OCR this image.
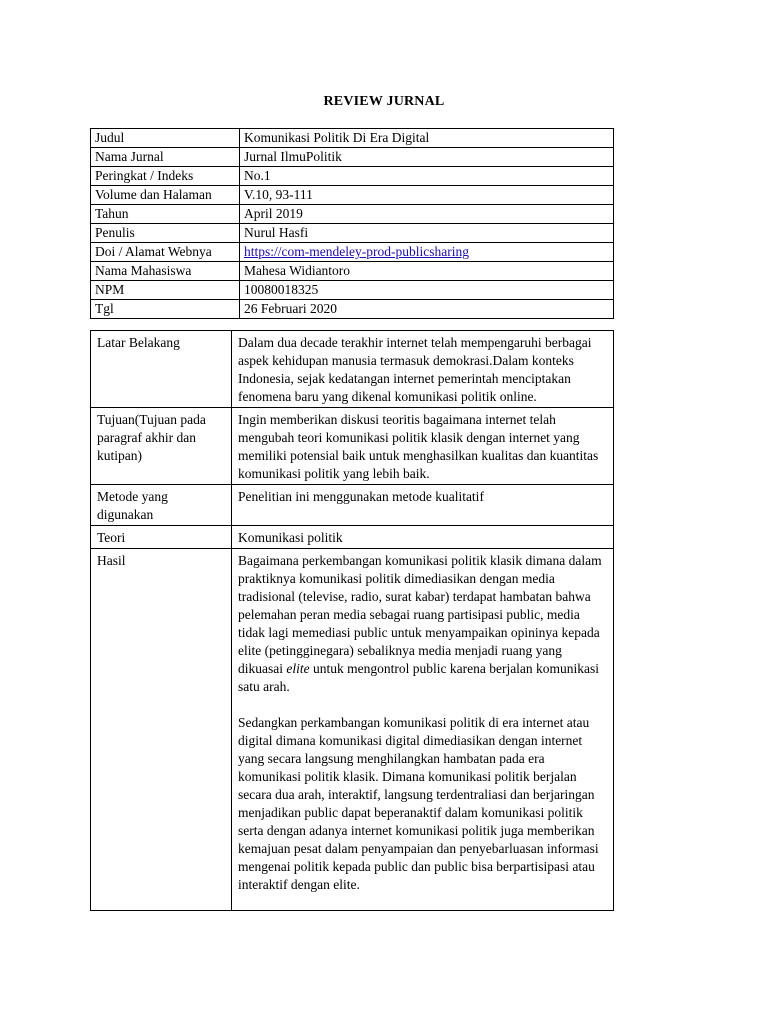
REVIEW JURNAL
Judul	Komunikasi Politik Di Era Digital
Nama Jurnal	Jurnal IlmuPolitik
Peringkat / Indeks	No.1
Volume dan Halaman	V.10, 93-111
Tahun	April 2019
Penulis	Nurul Hasfi
Doi / Alamat Webnya	https://com-mendeley-prod-publicsharing
Nama Mahasiswa	Mahesa Widiantoro
NPM	10080018325
Tgl	26 Februari 2020
Latar Belakang	Dalam dua decade terakhir internet telah mempengaruhi berbagai aspek kehidupan manusia termasuk demokrasi.Dalam konteks Indonesia, sejak kedatangan internet pemerintah menciptakan fenomena baru yang dikenal komunikasi politik online.
Tujuan(Tujuan pada paragraf akhir dan kutipan)	Ingin memberikan diskusi teoritis bagaimana internet telah mengubah teori komunikasi politik klasik dengan internet yang memiliki potensial baik untuk menghasilkan kualitas dan kuantitas komunikasi politik yang lebih baik.
Metode yang digunakan	Penelitian ini menggunakan metode kualitatif
Teori	Komunikasi politik
Hasil	Bagaimana perkembangan komunikasi politik klasik dimana dalam praktiknya komunikasi politik dimediasikan dengan media tradisional (televise, radio, surat kabar) terdapat hambatan bahwa pelemahan peran media sebagai ruang partisipasi public, media tidak lagi memediasi public untuk menyampaikan opininya kepada elite (petingginegara) sebaliknya media menjadi ruang yang dikuasai elite untuk mengontrol public karena berjalan komunikasi satu arah.
Sedangkan perkambangan komunikasi politik di era internet atau digital dimana komunikasi digital dimediasikan dengan internet yang secara langsung menghilangkan hambatan pada era komunikasi politik klasik. Dimana komunikasi politik berjalan secara dua arah, interaktif, langsung terdentraliasi dan berjaringan menjadikan public dapat beperanaktif dalam komunikasi politik serta dengan adanya internet komunikasi politik juga memberikan kemajuan pesat dalam penyampaian dan penyebarluasan informasi mengenai politik kepada public dan public bisa berpartisipasi atau interaktif dengan elite.
